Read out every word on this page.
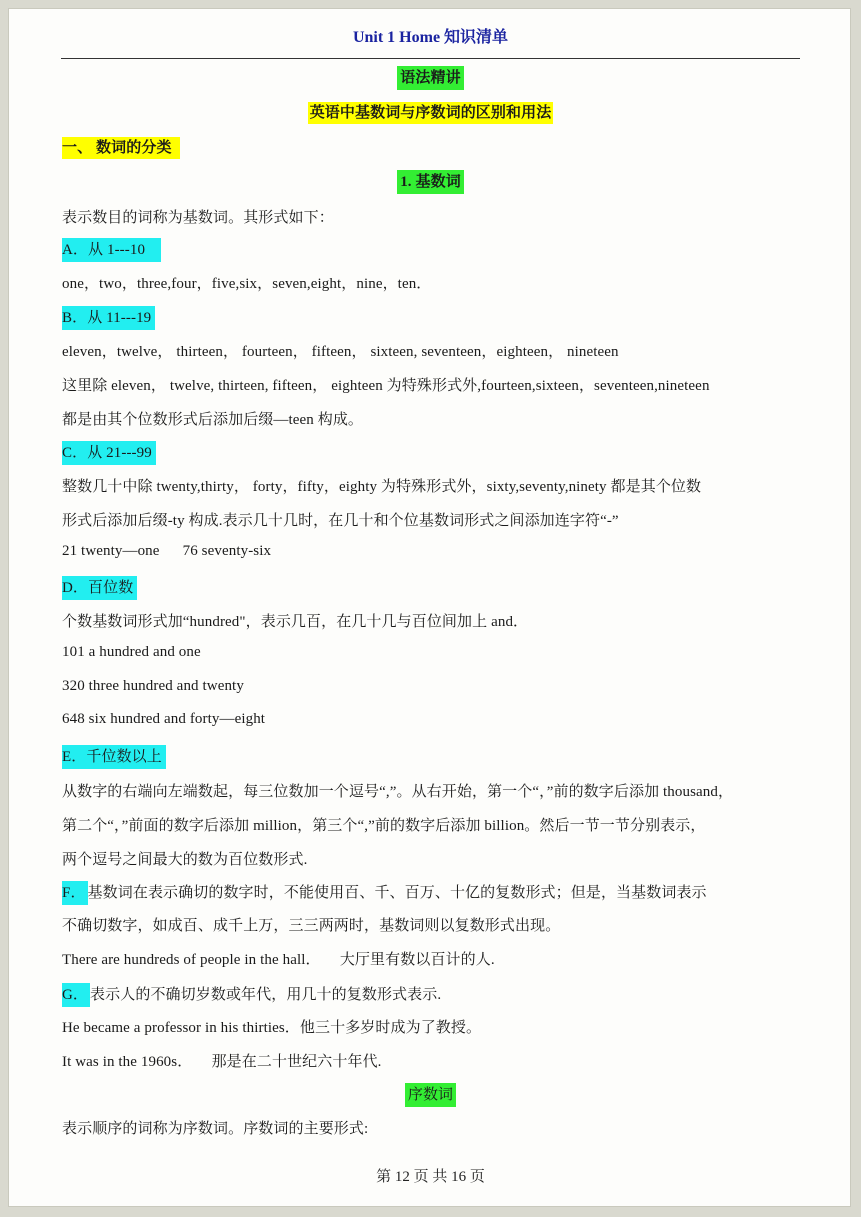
Unit 1 Home 知识清单
语法精讲
英语中基数词与序数词的区别和用法
一、 数词的分类
1. 基数词
表示数目的词称为基数词。其形式如下：
A．从 1---10
one，two，three,four，five,six，seven,eight，nine，ten．
B．从 11---19
eleven，twelve， thirteen， fourteen， fifteen， sixteen, seventeen，eighteen， nineteen
这里除 eleven， twelve, thirteen, fifteen， eighteen 为特殊形式外,fourteen,sixteen，seventeen,nineteen
都是由其个位数形式后添加后缀—teen 构成。
C．从 21---99
整数几十中除 twenty,thirty， forty，fifty，eighty 为特殊形式外，sixty,seventy,ninety 都是其个位数
形式后添加后缀-ty 构成.表示几十几时，在几十和个位基数词形式之间添加连字符“-”
21 twenty—one      76 seventy-six
D．百位数
个数基数词形式加“hundred"，表示几百，在几十几与百位间加上 and．
101 a hundred and one
320 three hundred and twenty
648 six hundred and forty—eight
E．千位数以上
从数字的右端向左端数起，每三位数加一个逗号“,”。从右开始，第一个“，”前的数字后添加 thousand，
第二个“，”前面的数字后添加 million，第三个“,”前的数字后添加 billion。然后一节一节分别表示，
两个逗号之间最大的数为百位数形式.
F． 基数词在表示确切的数字时，不能使用百、千、百万、十亿的复数形式；但是，当基数词表示
不确切数字，如成百、成千上万，三三两两时，基数词则以复数形式出现。
There are hundreds of people in the hall．     大厅里有数以百计的人.
G． 表示人的不确切岁数或年代，用几十的复数形式表示.
He became a professor in his thirties．他三十多岁时成为了教授。
It was in the 1960s．     那是在二十世纪六十年代.
序数词
表示顺序的词称为序数词。序数词的主要形式:
第 12 页 共 16 页
